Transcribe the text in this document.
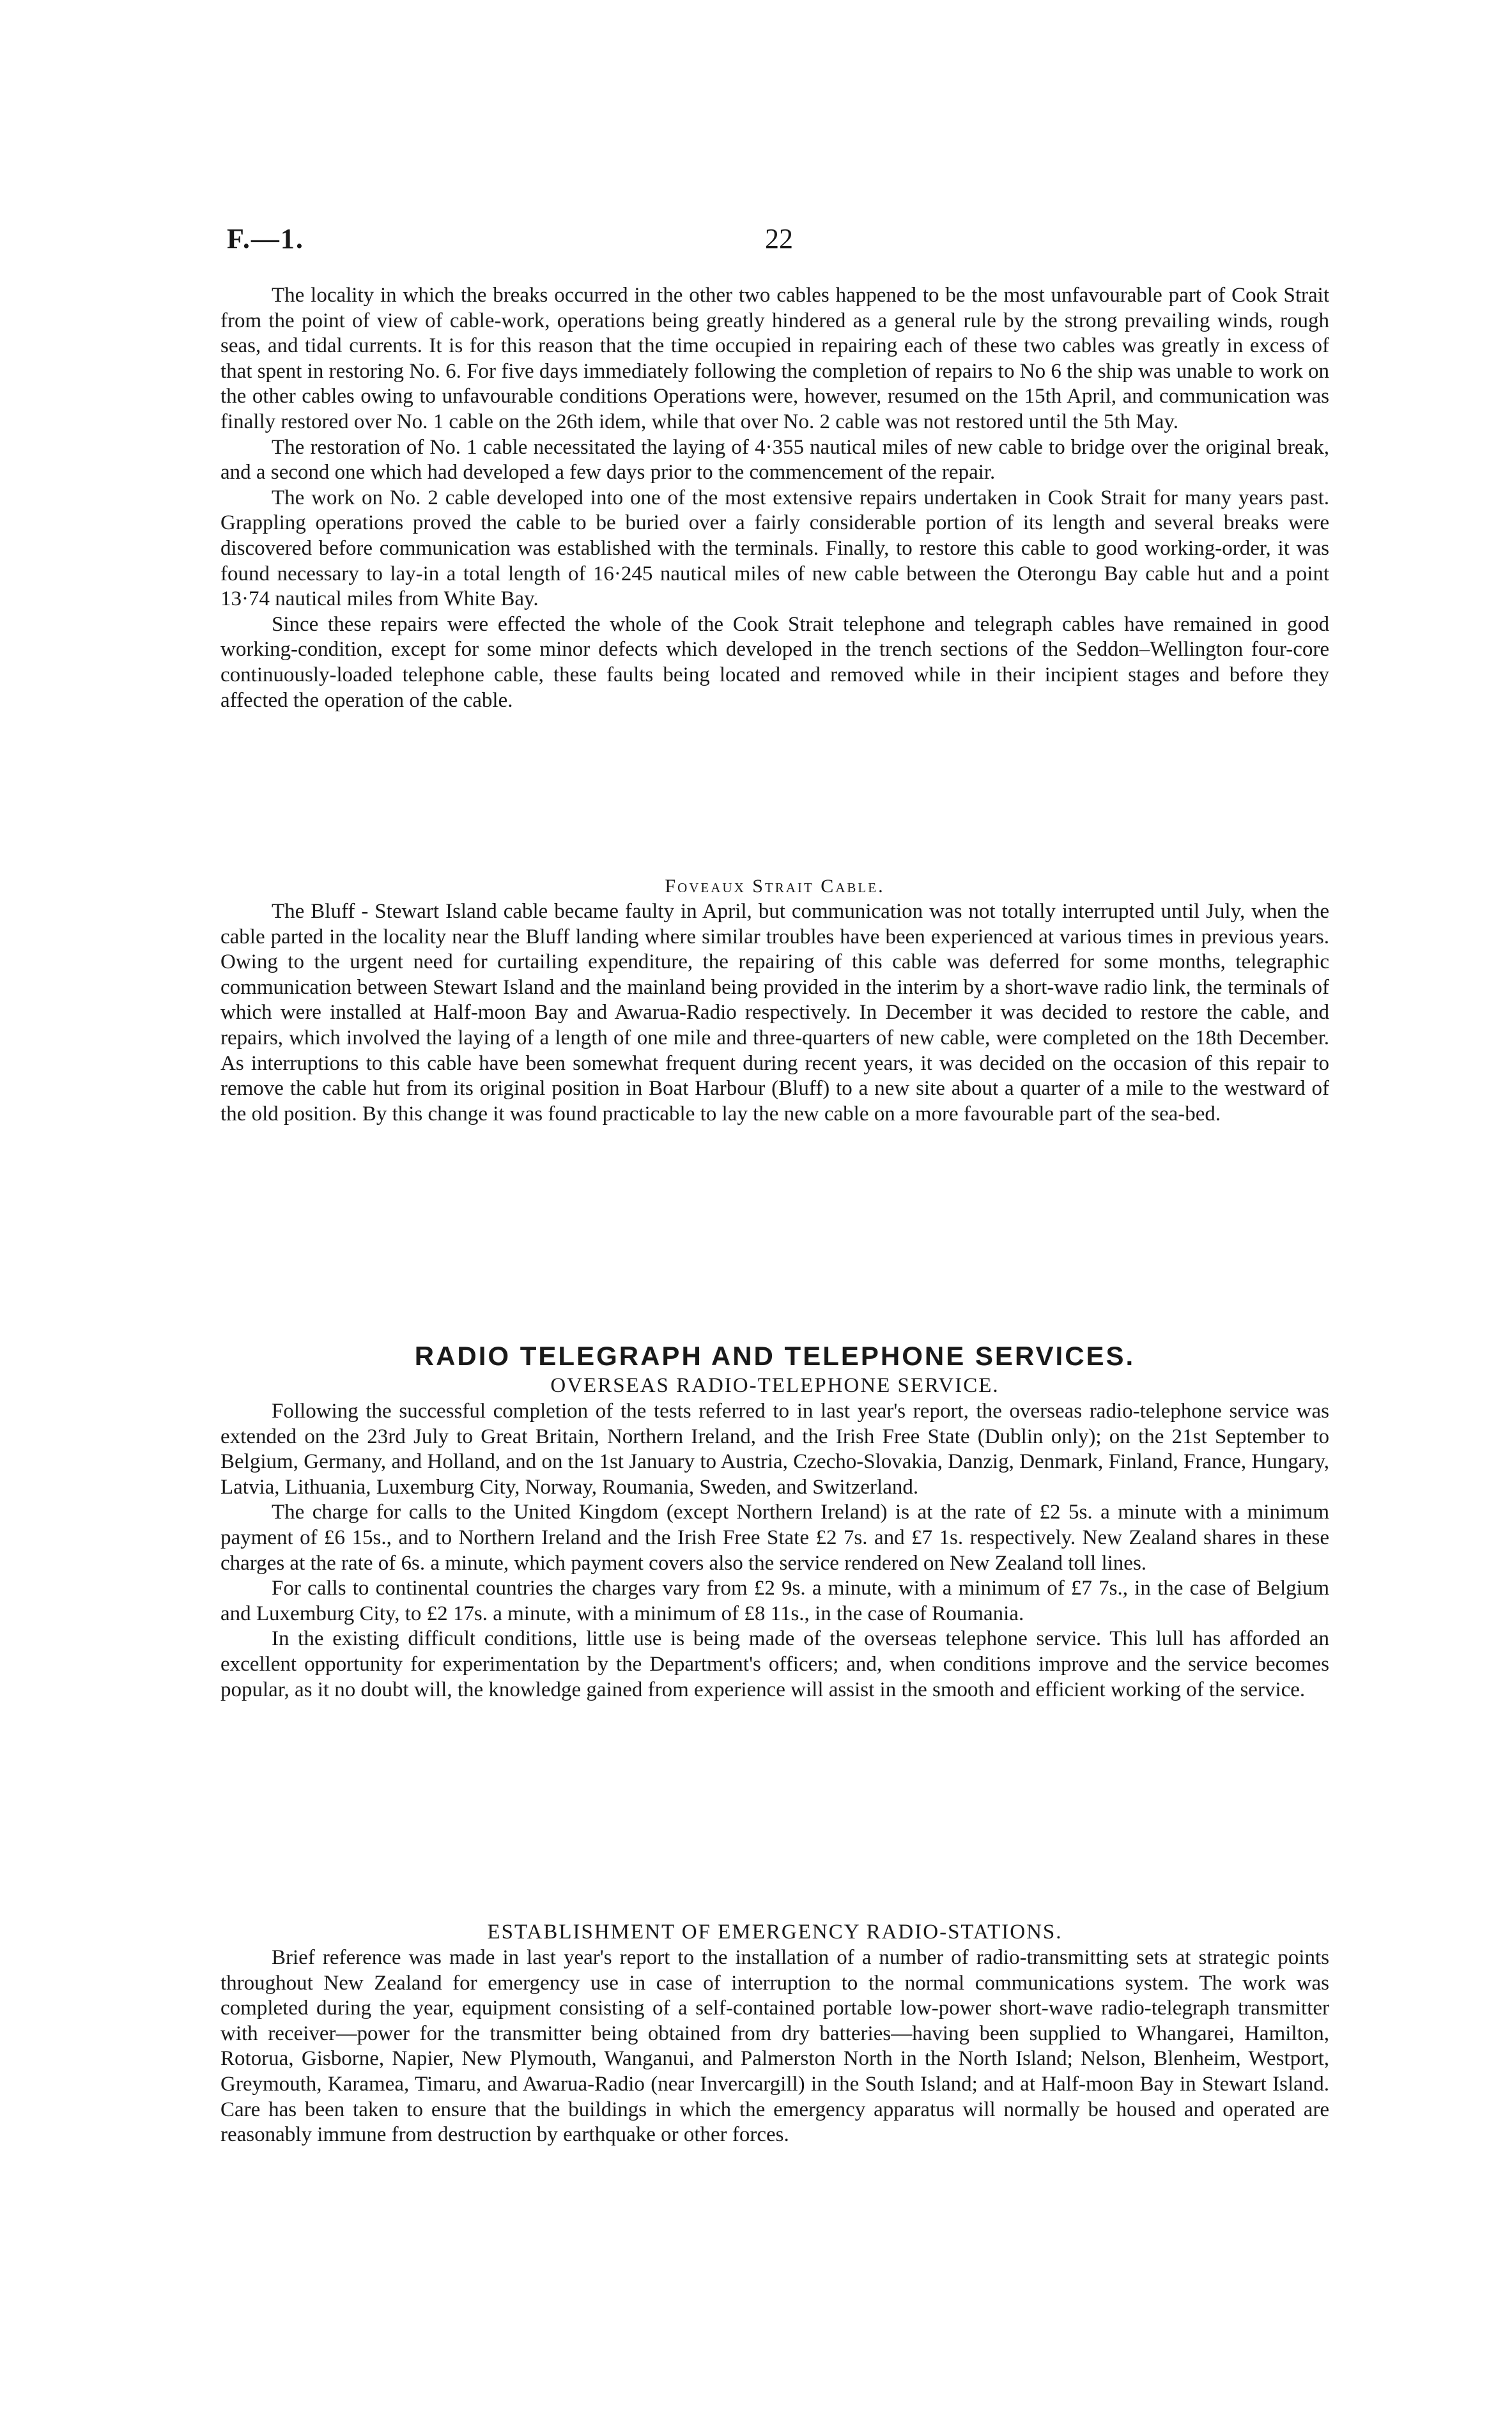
F.—1.	22

The locality in which the breaks occurred in the other two cables happened to be the most unfavourable part of Cook Strait from the point of view of cable-work, operations being greatly hindered as a general rule by the strong prevailing winds, rough seas, and tidal currents. It is for this reason that the time occupied in repairing each of these two cables was greatly in excess of that spent in restoring No. 6. For five days immediately following the completion of repairs to No 6 the ship was unable to work on the other cables owing to unfavourable conditions Operations were, however, resumed on the 15th April, and communication was finally restored over No. 1 cable on the 26th idem, while that over No. 2 cable was not restored until the 5th May.

The restoration of No. 1 cable necessitated the laying of 4·355 nautical miles of new cable to bridge over the original break, and a second one which had developed a few days prior to the commencement of the repair.

The work on No. 2 cable developed into one of the most extensive repairs undertaken in Cook Strait for many years past. Grappling operations proved the cable to be buried over a fairly considerable portion of its length and several breaks were discovered before communication was established with the terminals. Finally, to restore this cable to good working-order, it was found necessary to lay-in a total length of 16·245 nautical miles of new cable between the Oterongu Bay cable hut and a point 13·74 nautical miles from White Bay.

Since these repairs were effected the whole of the Cook Strait telephone and telegraph cables have remained in good working-condition, except for some minor defects which developed in the trench sections of the Seddon–Wellington four-core continuously-loaded telephone cable, these faults being located and removed while in their incipient stages and before they affected the operation of the cable.

Foveaux Strait Cable.

The Bluff - Stewart Island cable became faulty in April, but communication was not totally interrupted until July, when the cable parted in the locality near the Bluff landing where similar troubles have been experienced at various times in previous years. Owing to the urgent need for curtailing expenditure, the repairing of this cable was deferred for some months, telegraphic communication between Stewart Island and the mainland being provided in the interim by a short-wave radio link, the terminals of which were installed at Half-moon Bay and Awarua-Radio respectively. In December it was decided to restore the cable, and repairs, which involved the laying of a length of one mile and three-quarters of new cable, were completed on the 18th December. As interruptions to this cable have been somewhat frequent during recent years, it was decided on the occasion of this repair to remove the cable hut from its original position in Boat Harbour (Bluff) to a new site about a quarter of a mile to the westward of the old position. By this change it was found practicable to lay the new cable on a more favourable part of the sea-bed.

RADIO TELEGRAPH AND TELEPHONE SERVICES.
OVERSEAS RADIO-TELEPHONE SERVICE.

Following the successful completion of the tests referred to in last year's report, the overseas radio-telephone service was extended on the 23rd July to Great Britain, Northern Ireland, and the Irish Free State (Dublin only); on the 21st September to Belgium, Germany, and Holland, and on the 1st January to Austria, Czecho-Slovakia, Danzig, Denmark, Finland, France, Hungary, Latvia, Lithuania, Luxemburg City, Norway, Roumania, Sweden, and Switzerland.

The charge for calls to the United Kingdom (except Northern Ireland) is at the rate of £2 5s. a minute with a minimum payment of £6 15s., and to Northern Ireland and the Irish Free State £2 7s. and £7 1s. respectively. New Zealand shares in these charges at the rate of 6s. a minute, which payment covers also the service rendered on New Zealand toll lines.

For calls to continental countries the charges vary from £2 9s. a minute, with a minimum of £7 7s., in the case of Belgium and Luxemburg City, to £2 17s. a minute, with a minimum of £8 11s., in the case of Roumania.

In the existing difficult conditions, little use is being made of the overseas telephone service. This lull has afforded an excellent opportunity for experimentation by the Department's officers; and, when conditions improve and the service becomes popular, as it no doubt will, the knowledge gained from experience will assist in the smooth and efficient working of the service.

ESTABLISHMENT OF EMERGENCY RADIO-STATIONS.

Brief reference was made in last year's report to the installation of a number of radio-transmitting sets at strategic points throughout New Zealand for emergency use in case of interruption to the normal communications system. The work was completed during the year, equipment consisting of a self-contained portable low-power short-wave radio-telegraph transmitter with receiver—power for the transmitter being obtained from dry batteries—having been supplied to Whangarei, Hamilton, Rotorua, Gisborne, Napier, New Plymouth, Wanganui, and Palmerston North in the North Island; Nelson, Blenheim, Westport, Greymouth, Karamea, Timaru, and Awarua-Radio (near Invercargill) in the South Island; and at Half-moon Bay in Stewart Island. Care has been taken to ensure that the buildings in which the emergency apparatus will normally be housed and operated are reasonably immune from destruction by earthquake or other forces.
